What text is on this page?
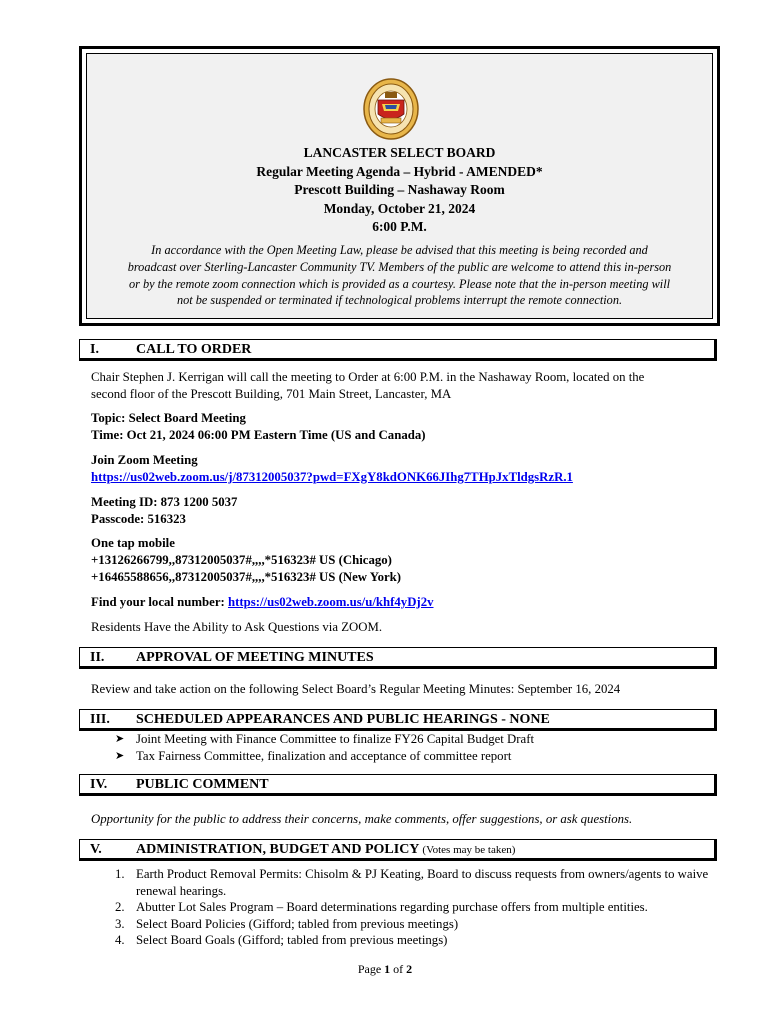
LANCASTER SELECT BOARD
Regular Meeting Agenda – Hybrid - AMENDED*
Prescott Building – Nashaway Room
Monday, October 21, 2024
6:00 P.M.
In accordance with the Open Meeting Law, please be advised that this meeting is being recorded and
broadcast over Sterling-Lancaster Community TV. Members of the public are welcome to attend this in-person
or by the remote zoom connection which is provided as a courtesy. Please note that the in-person meeting will
not be suspended or terminated if technological problems interrupt the remote connection.
I.	CALL TO ORDER
Chair Stephen J. Kerrigan will call the meeting to Order at 6:00 P.M. in the Nashaway Room, located on the
second floor of the Prescott Building, 701 Main Street, Lancaster, MA
Topic: Select Board Meeting
Time: Oct 21, 2024 06:00 PM Eastern Time (US and Canada)
Join Zoom Meeting
https://us02web.zoom.us/j/87312005037?pwd=FXgY8kdONK66JIhg7THpJxTldgsRzR.1
Meeting ID: 873 1200 5037
Passcode: 516323
One tap mobile
+13126266799,,87312005037#,,,,*516323# US (Chicago)
+16465588656,,87312005037#,,,,*516323# US (New York)
Find your local number: https://us02web.zoom.us/u/khf4yDj2v
Residents Have the Ability to Ask Questions via ZOOM.
II. APPROVAL OF MEETING MINUTES
Review and take action on the following Select Board’s Regular Meeting Minutes: September 16, 2024
III. SCHEDULED APPEARANCES AND PUBLIC HEARINGS - NONE
➤ Joint Meeting with Finance Committee to finalize FY26 Capital Budget Draft
➤ Tax Fairness Committee, finalization and acceptance of committee report
IV. PUBLIC COMMENT
Opportunity for the public to address their concerns, make comments, offer suggestions, or ask questions.
V. ADMINISTRATION, BUDGET AND POLICY (Votes may be taken)
1. Earth Product Removal Permits: Chisolm & PJ Keating, Board to discuss requests from owners/agents to waive renewal hearings.
2. Abutter Lot Sales Program – Board determinations regarding purchase offers from multiple entities.
3. Select Board Policies (Gifford; tabled from previous meetings)
4. Select Board Goals (Gifford; tabled from previous meetings)
Page 1 of 2
